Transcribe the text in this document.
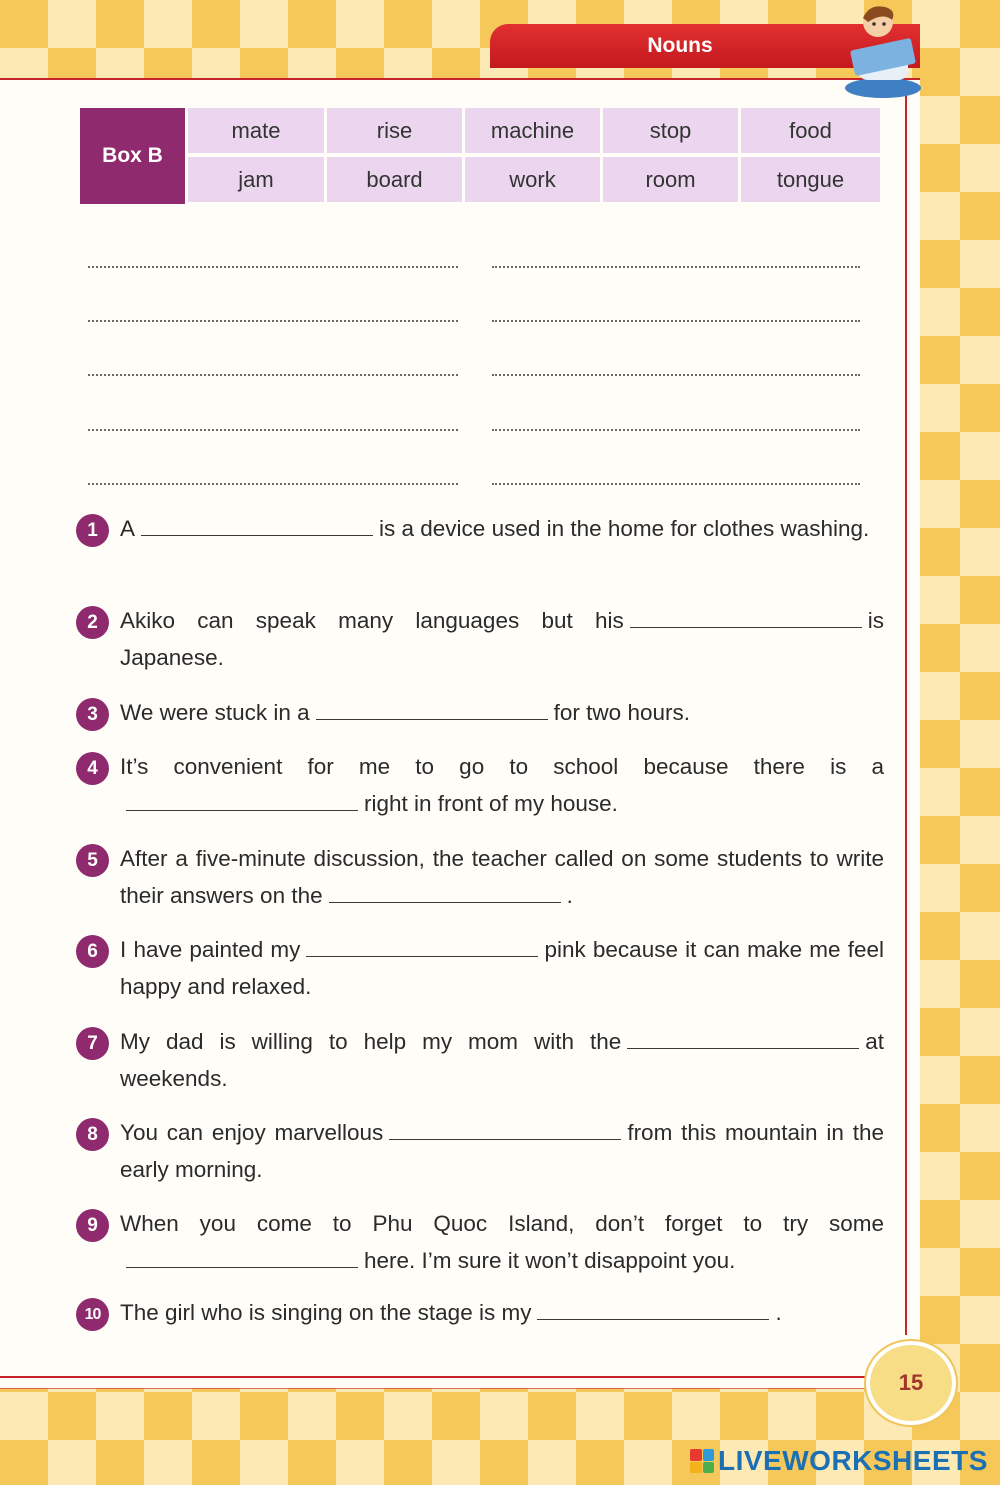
Nouns
Box B
mate	rise	machine	stop	food
jam	board	work	room	tongue
1 A	is a device used in the home for clothes washing.
2 Akiko can speak many languages but his	is Japanese.
3 We were stuck in a	for two hours.
4 It’s convenient for me to go to school because there is aright in front of my house.
5 After a five-minute discussion, the teacher called on some students to write their answers on the	.
6 I have painted my	pink because it can make me feel happy and relaxed.
7 My dad is willing to help my mom with the	at weekends.
8 You can enjoy marvellous	from this mountain in the early morning.
9 When you come to Phu Quoc Island, don’t forget to try somehere. I’m sure it won’t disappoint you.
10 The girl who is singing on the stage is my	.
15
LIVEWORKSHEETS
